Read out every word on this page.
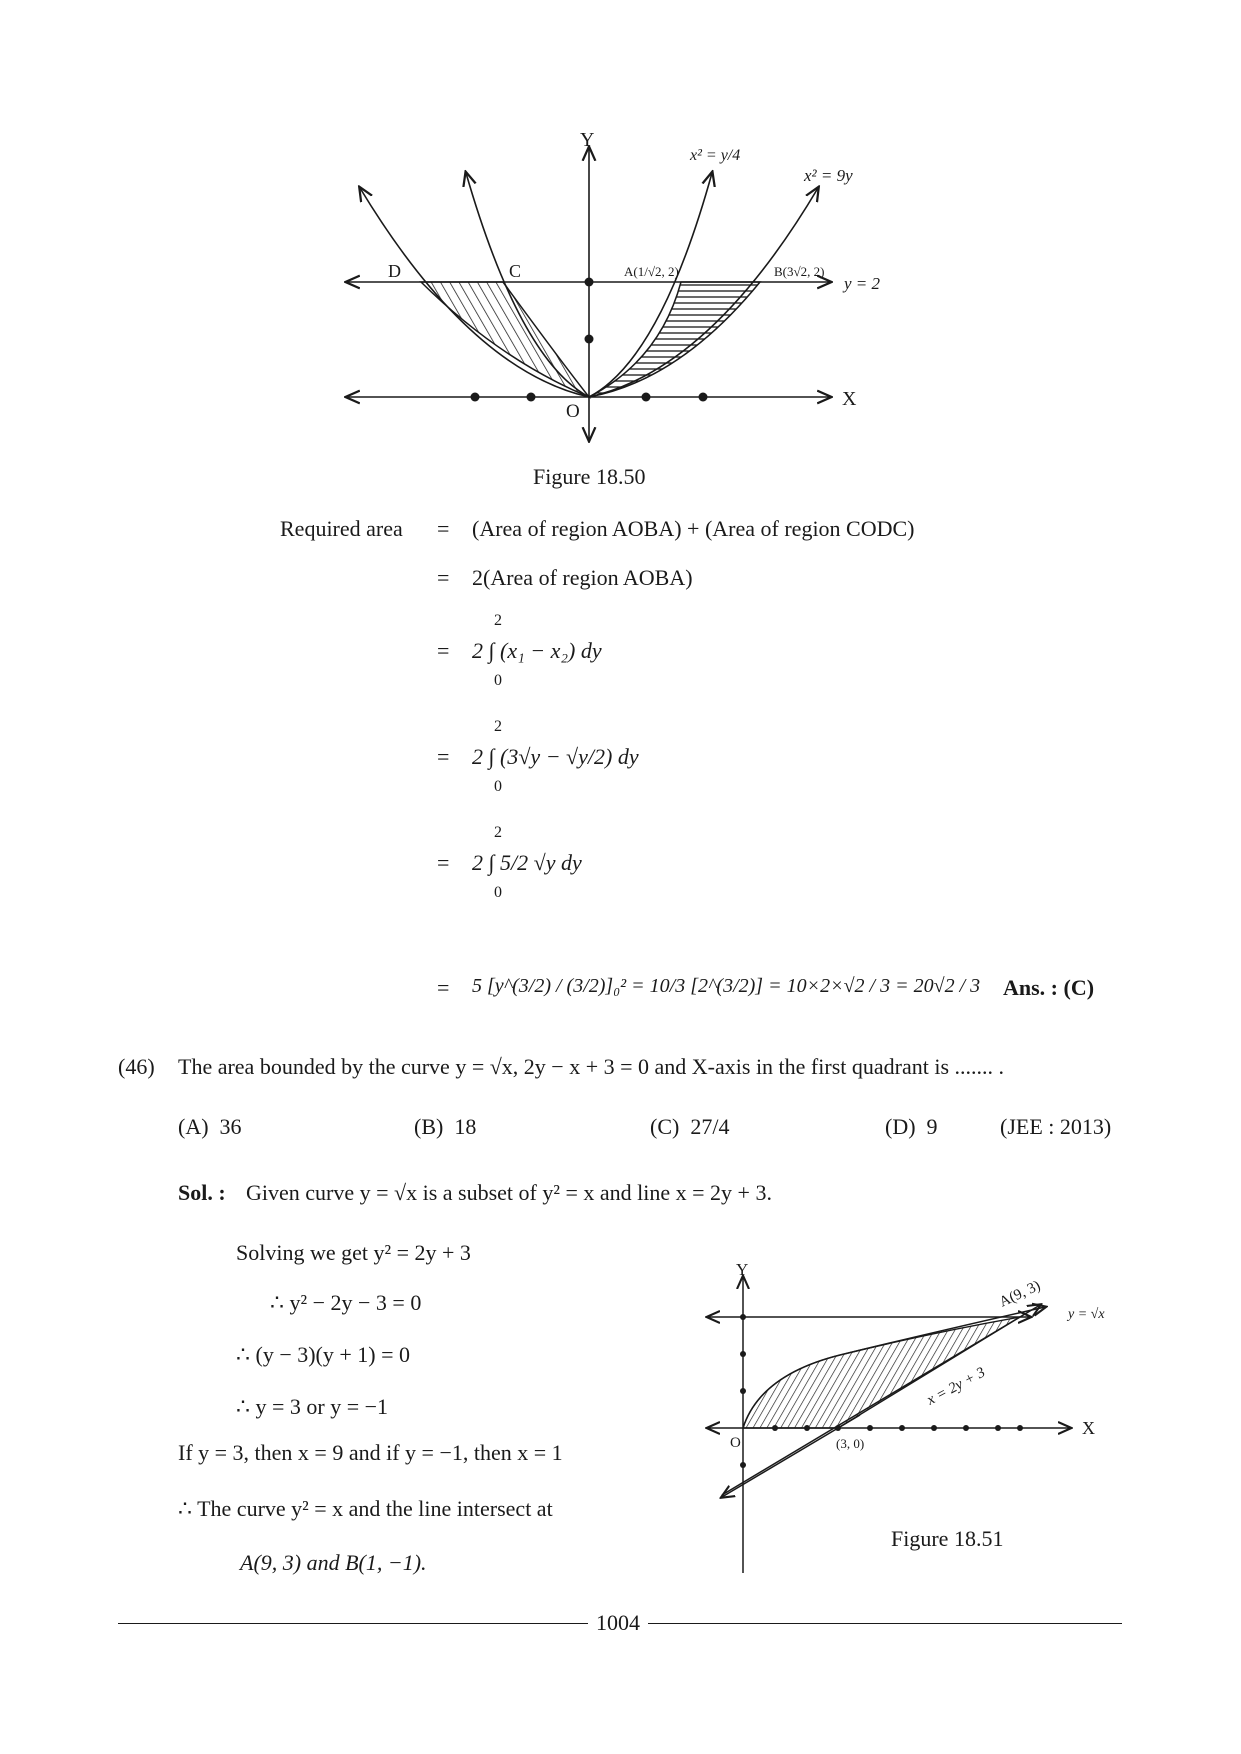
Y
X
O
D	C	A(1/√2, 2)	B(3√2, 2)
x² = y/4
x² = 9y
y = 2
Figure 18.50
Required area = (Area of region AOBA) + (Area of region CODC)
= 2(Area of region AOBA)
=
2
0
2 ∫ (x₁ − x₂) dy
=
2
0
2 ∫ (3√y − √y/2) dy
=
2
0
2 ∫ 5/2 √y dy
= 5 [y^(3/2) / (3/2)]₀² = 10/3 [2^(3/2)] = 10×2×√2 / 3 = 20√2 / 3 Ans. : (C)
(46) The area bounded by the curve y = √x, 2y − x + 3 = 0 and X-axis in the first quadrant is ....... .
(A) 36	(B) 18	(C) 27/4	(D) 9	(JEE : 2013)
Sol. : Given curve y = √x is a subset of y² = x and line x = 2y + 3.
Solving we get y² = 2y + 3
∴ y² − 2y − 3 = 0
∴ (y − 3)(y + 1) = 0
∴ y = 3 or y = −1
If y = 3, then x = 9 and if y = −1, then x = 1
∴ The curve y² = x and the line intersect at
A(9, 3) and B(1, −1).
Y
X
O	(3, 0)
A(9, 3)
y = √x
x = 2y + 3
Figure 18.51
1004
